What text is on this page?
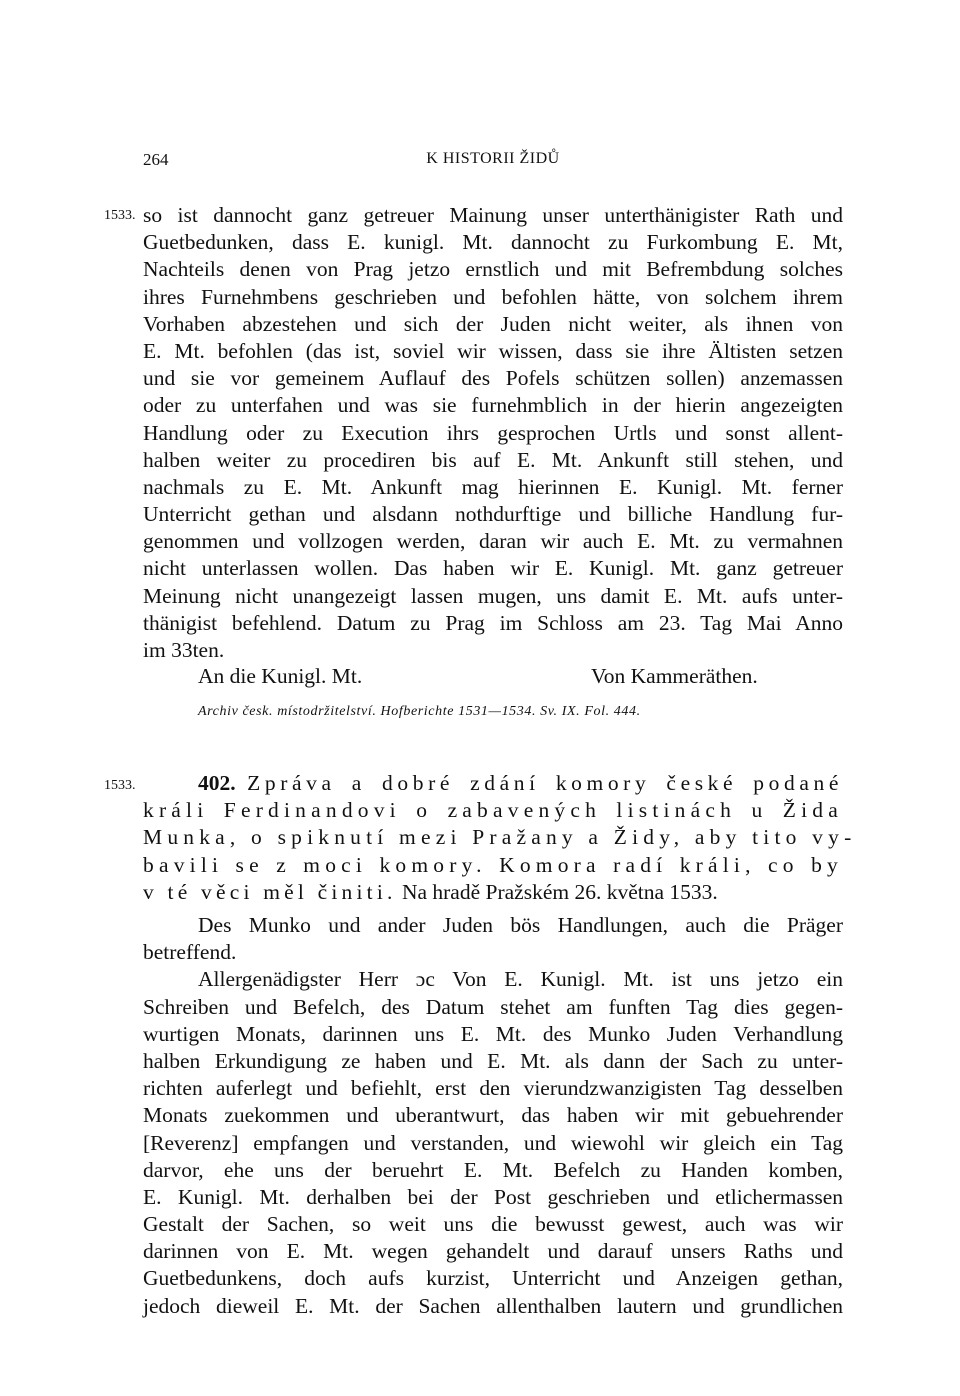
264	K HISTORII ŽIDŮ
1533. so ist dannocht ganz getreuer Mainung unser unterthänigister Rath und
Guetbedunken, dass E. kunigl. Mt. dannocht zu Furkombung E. Mt,
Nachteils denen von Prag jetzo ernstlich und mit Befrembdung solches
ihres Furnehmbens geschrieben und befohlen hätte, von solchem ihrem
Vorhaben abzestehen und sich der Juden nicht weiter, als ihnen von
E. Mt. befohlen (das ist, soviel wir wissen, dass sie ihre Ältisten setzen
und sie vor gemeinem Auflauf des Pofels schützen sollen) anzemassen
oder zu unterfahen und was sie furnehmblich in der hierin angezeigten
Handlung oder zu Execution ihrs gesprochen Urtls und sonst allent-
halben weiter zu procediren bis auf E. Mt. Ankunft still stehen, und
nachmals zu E. Mt. Ankunft mag hierinnen E. Kunigl. Mt. ferner
Unterricht gethan und alsdann nothdurftige und billiche Handlung fur-
genommen und vollzogen werden, daran wir auch E. Mt. zu vermahnen
nicht unterlassen wollen. Das haben wir E. Kunigl. Mt. ganz getreuer
Meinung nicht unangezeigt lassen mugen, uns damit E. Mt. aufs unter-
thänigist befehlend. Datum zu Prag im Schloss am 23. Tag Mai Anno
im 33ten.
An die Kunigl. Mt.	Von Kammeräthen.
Archiv česk. místodržitelství. Hofberichte 1531—1534. Sv. IX. Fol. 444.
1533.	402. Zpráva a dobré zdání komory české podané
králi Ferdinandovi o zabavených listinách u Žida
Munka, o spiknutí mezi Pražany a Židy, aby tito vy-
bavili se z moci komory. Komora radí králi, co by
v té věci měl činiti. Na hradě Pražském 26. května 1533.
Des Munko und ander Juden bös Handlungen, auch die Präger
betreffend.
Allergenädigster Herr ɔc Von E. Kunigl. Mt. ist uns jetzo ein
Schreiben und Befelch, des Datum stehet am funften Tag dies gegen-
wurtigen Monats, darinnen uns E. Mt. des Munko Juden Verhandlung
halben Erkundigung ze haben und E. Mt. als dann der Sach zu unter-
richten auferlegt und befiehlt, erst den vierundzwanzigisten Tag desselben
Monats zuekommen und uberantwurt, das haben wir mit gebuehrender
[Reverenz] empfangen und verstanden, und wiewohl wir gleich ein Tag
darvor, ehe uns der beruehrt E. Mt. Befelch zu Handen komben,
E. Kunigl. Mt. derhalben bei der Post geschrieben und etlichermassen
Gestalt der Sachen, so weit uns die bewusst gewest, auch was wir
darinnen von E. Mt. wegen gehandelt und darauf unsers Raths und
Guetbedunkens, doch aufs kurzist, Unterricht und Anzeigen gethan,
jedoch dieweil E. Mt. der Sachen allenthalben lautern und grundlichen
